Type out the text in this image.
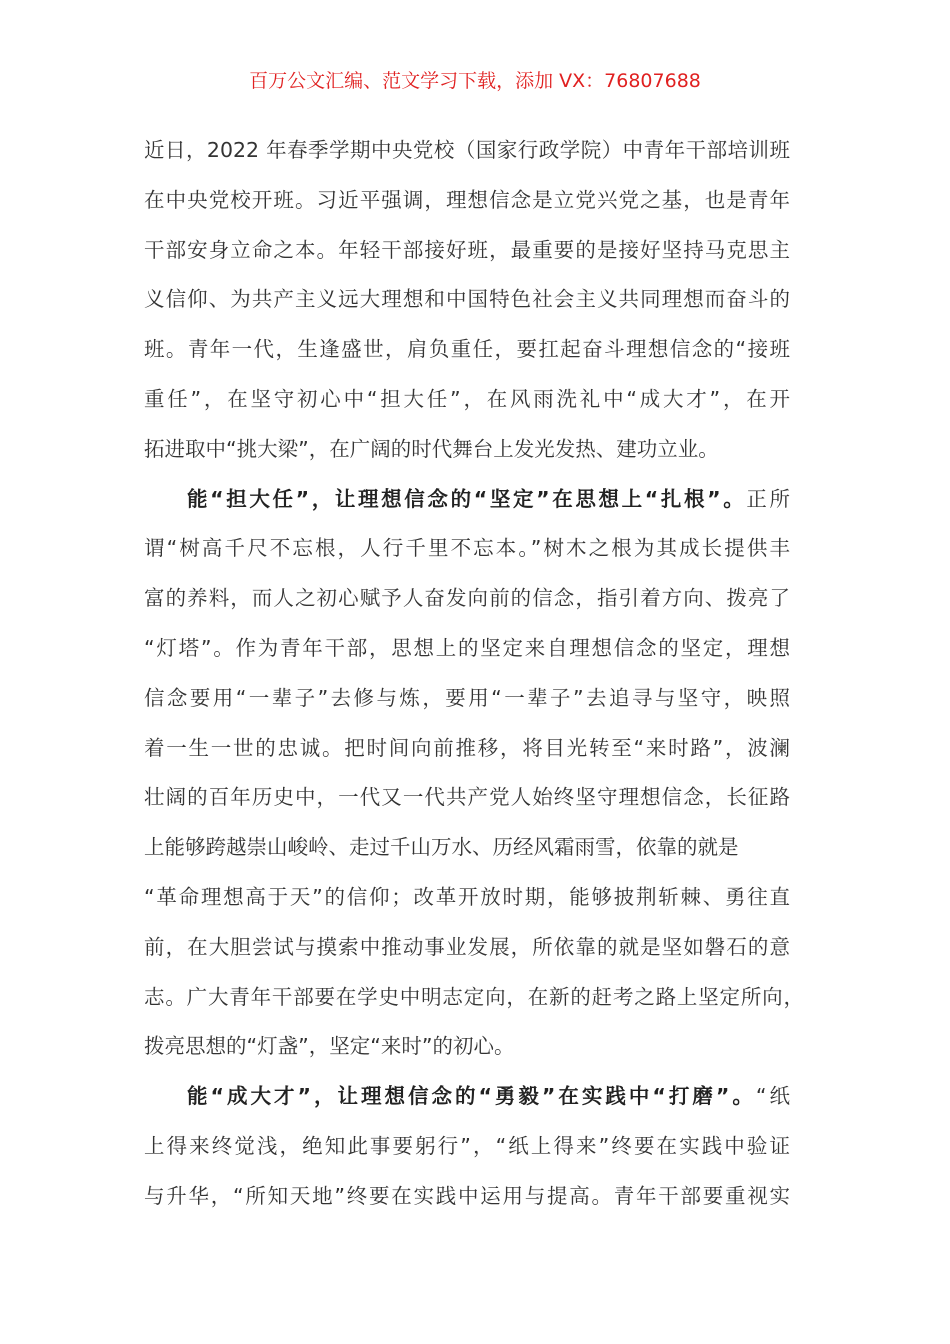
百万公文汇编、范文学习下载，添加 VX：76807688
近日，2022 年春季学期中央党校（国家行政学院）中青年干部培训班
在中央党校开班。习近平强调，理想信念是立党兴党之基，也是青年
干部安身立命之本。年轻干部接好班，最重要的是接好坚持马克思主
义信仰、为共产主义远大理想和中国特色社会主义共同理想而奋斗的
班。青年一代，生逢盛世，肩负重任，要扛起奋斗理想信念的“接班
重任”，在坚守初心中“担大任”，在风雨洗礼中“成大才”，在开
拓进取中“挑大梁”，在广阔的时代舞台上发光发热、建功立业。
能“担大任”，让理想信念的“坚定”在思想上“扎根”。正所
谓“树高千尺不忘根，人行千里不忘本。”树木之根为其成长提供丰
富的养料，而人之初心赋予人奋发向前的信念，指引着方向、拨亮了
“灯塔”。作为青年干部，思想上的坚定来自理想信念的坚定，理想
信念要用“一辈子”去修与炼，要用“一辈子”去追寻与坚守，映照
着一生一世的忠诚。把时间向前推移，将目光转至“来时路”，波澜
壮阔的百年历史中，一代又一代共产党人始终坚守理想信念，长征路
上能够跨越崇山峻岭、走过千山万水、历经风霜雨雪，依靠的就是
“革命理想高于天”的信仰；改革开放时期，能够披荆斩棘、勇往直
前，在大胆尝试与摸索中推动事业发展，所依靠的就是坚如磐石的意
志。广大青年干部要在学史中明志定向，在新的赶考之路上坚定所向，
拨亮思想的“灯盏”，坚定“来时”的初心。
能“成大才”，让理想信念的“勇毅”在实践中“打磨”。“纸
上得来终觉浅，绝知此事要躬行”，“纸上得来”终要在实践中验证
与升华，“所知天地”终要在实践中运用与提高。青年干部要重视实
